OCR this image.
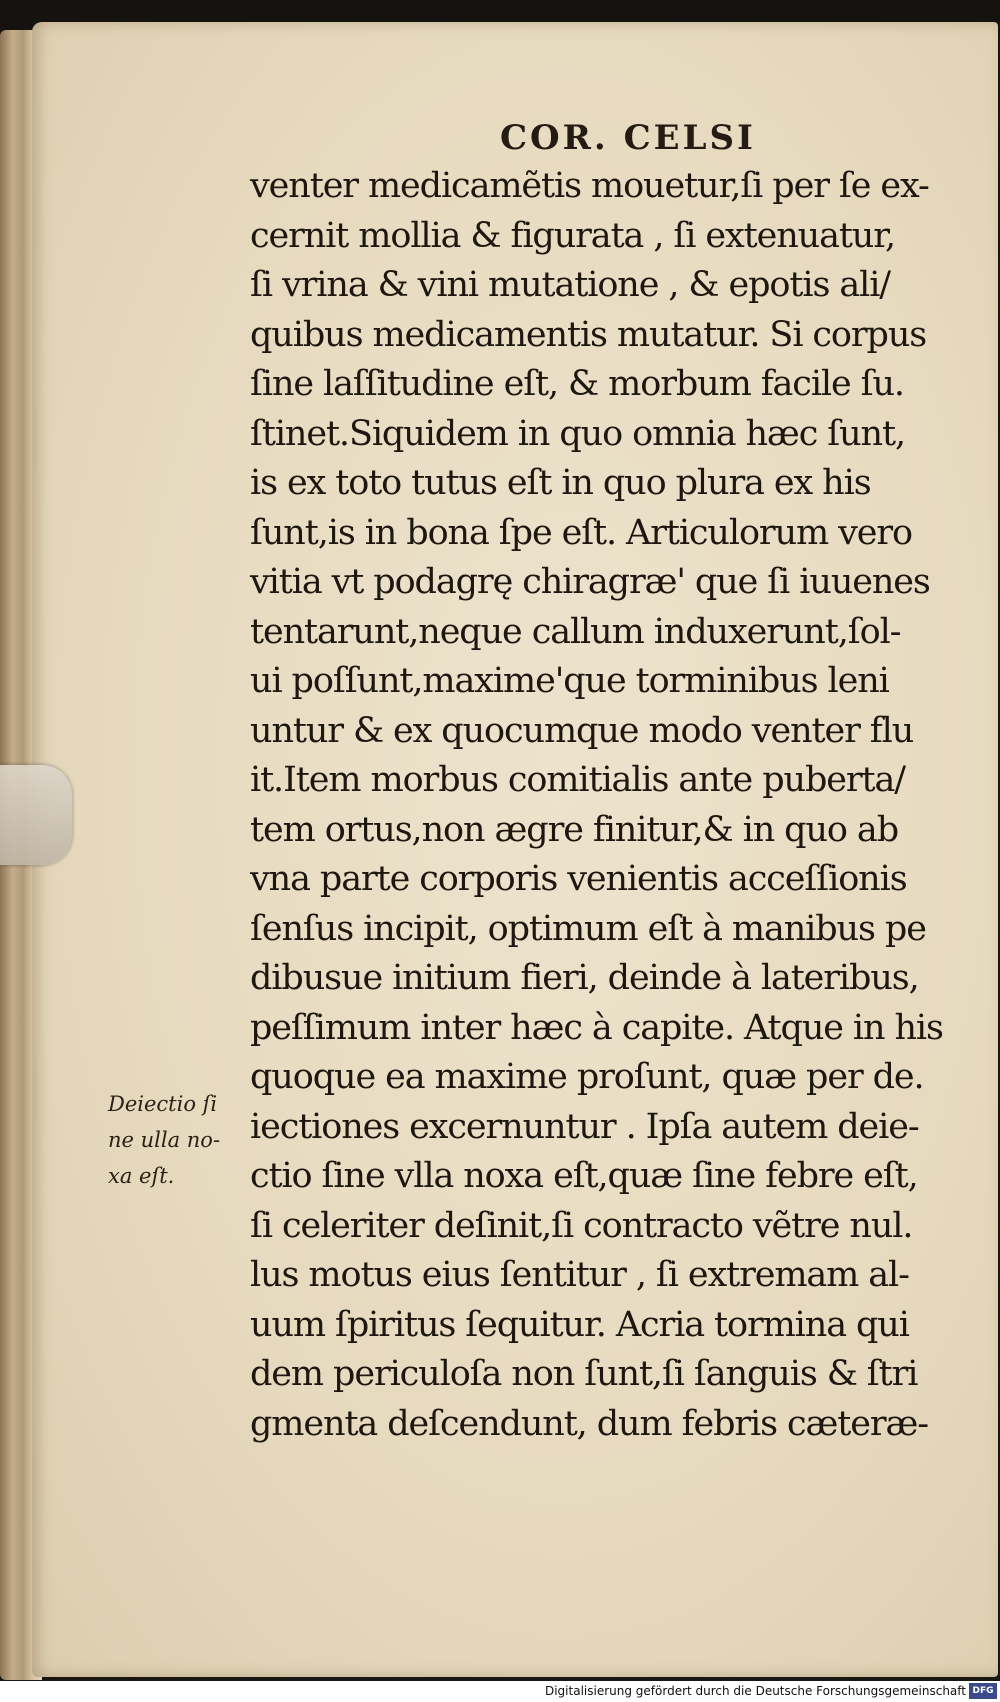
COR. CELSI
venter medicamẽtis mouetur,ſi per ſe ex-
cernit mollia & figurata , ſi extenuatur,
ſi vrina & vini mutatione , & epotis ali/
quibus medicamentis mutatur. Si corpus
ſine laſſitudine eſt, & morbum facile ſu.
ſtinet.Siquidem in quo omnia hæc ſunt,
is ex toto tutus eſt in quo plura ex his
ſunt,is in bona ſpe eſt. Articulorum vero
vitia vt podagrę chiragræ' que ſi iuuenes
tentarunt,neque callum induxerunt,ſol-
ui poſſunt,maxime'que torminibus leni
untur & ex quocumque modo venter flu
it.Item morbus comitialis ante puberta/
tem ortus,non ægre finitur,& in quo ab
vna parte corporis venientis acceſſionis
ſenſus incipit, optimum eſt à manibus pe
dibusue initium fieri, deinde à lateribus,
peſſimum inter hæc à capite. Atque in his
quoque ea maxime proſunt, quæ per de.
iectiones excernuntur . Ipſa autem deie-
ctio ſine vlla noxa eſt,quæ ſine febre eſt,
ſi celeriter deſinit,ſi contracto vẽtre nul.
lus motus eius ſentitur , ſi extremam al-
uum ſpiritus ſequitur. Acria tormina qui
dem periculoſa non ſunt,ſi ſanguis & ſtri
gmenta deſcendunt, dum febris cæteræ-
Deiectio ſi
ne ulla no-
xa eſt.
Digitalisierung gefördert durch die Deutsche Forschungsgemeinschaft DFG
